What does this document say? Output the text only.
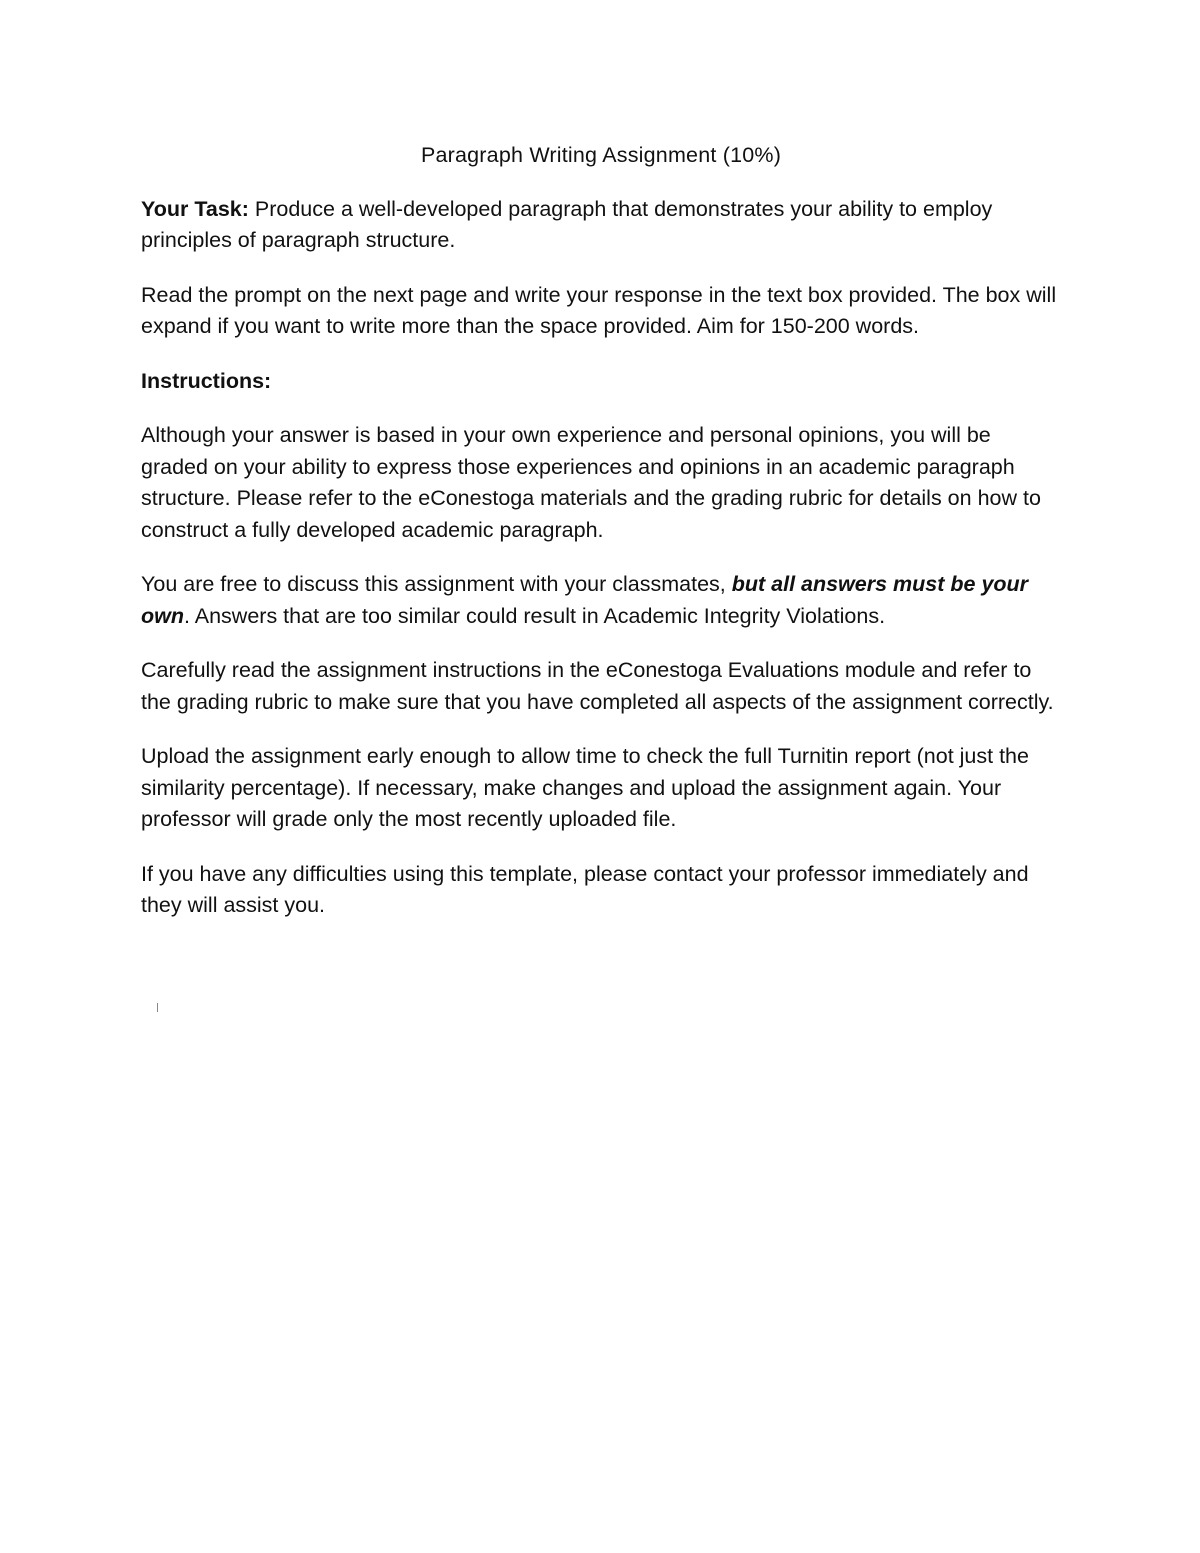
Paragraph Writing Assignment (10%)

Your Task: Produce a well-developed paragraph that demonstrates your ability to employ principles of paragraph structure.

Read the prompt on the next page and write your response in the text box provided. The box will expand if you want to write more than the space provided. Aim for 150-200 words.

Instructions:

Although your answer is based in your own experience and personal opinions, you will be graded on your ability to express those experiences and opinions in an academic paragraph structure. Please refer to the eConestoga materials and the grading rubric for details on how to construct a fully developed academic paragraph.

You are free to discuss this assignment with your classmates, but all answers must be your own. Answers that are too similar could result in Academic Integrity Violations.

Carefully read the assignment instructions in the eConestoga Evaluations module and refer to the grading rubric to make sure that you have completed all aspects of the assignment correctly.

Upload the assignment early enough to allow time to check the full Turnitin report (not just the similarity percentage). If necessary, make changes and upload the assignment again. Your professor will grade only the most recently uploaded file.

If you have any difficulties using this template, please contact your professor immediately and they will assist you.
